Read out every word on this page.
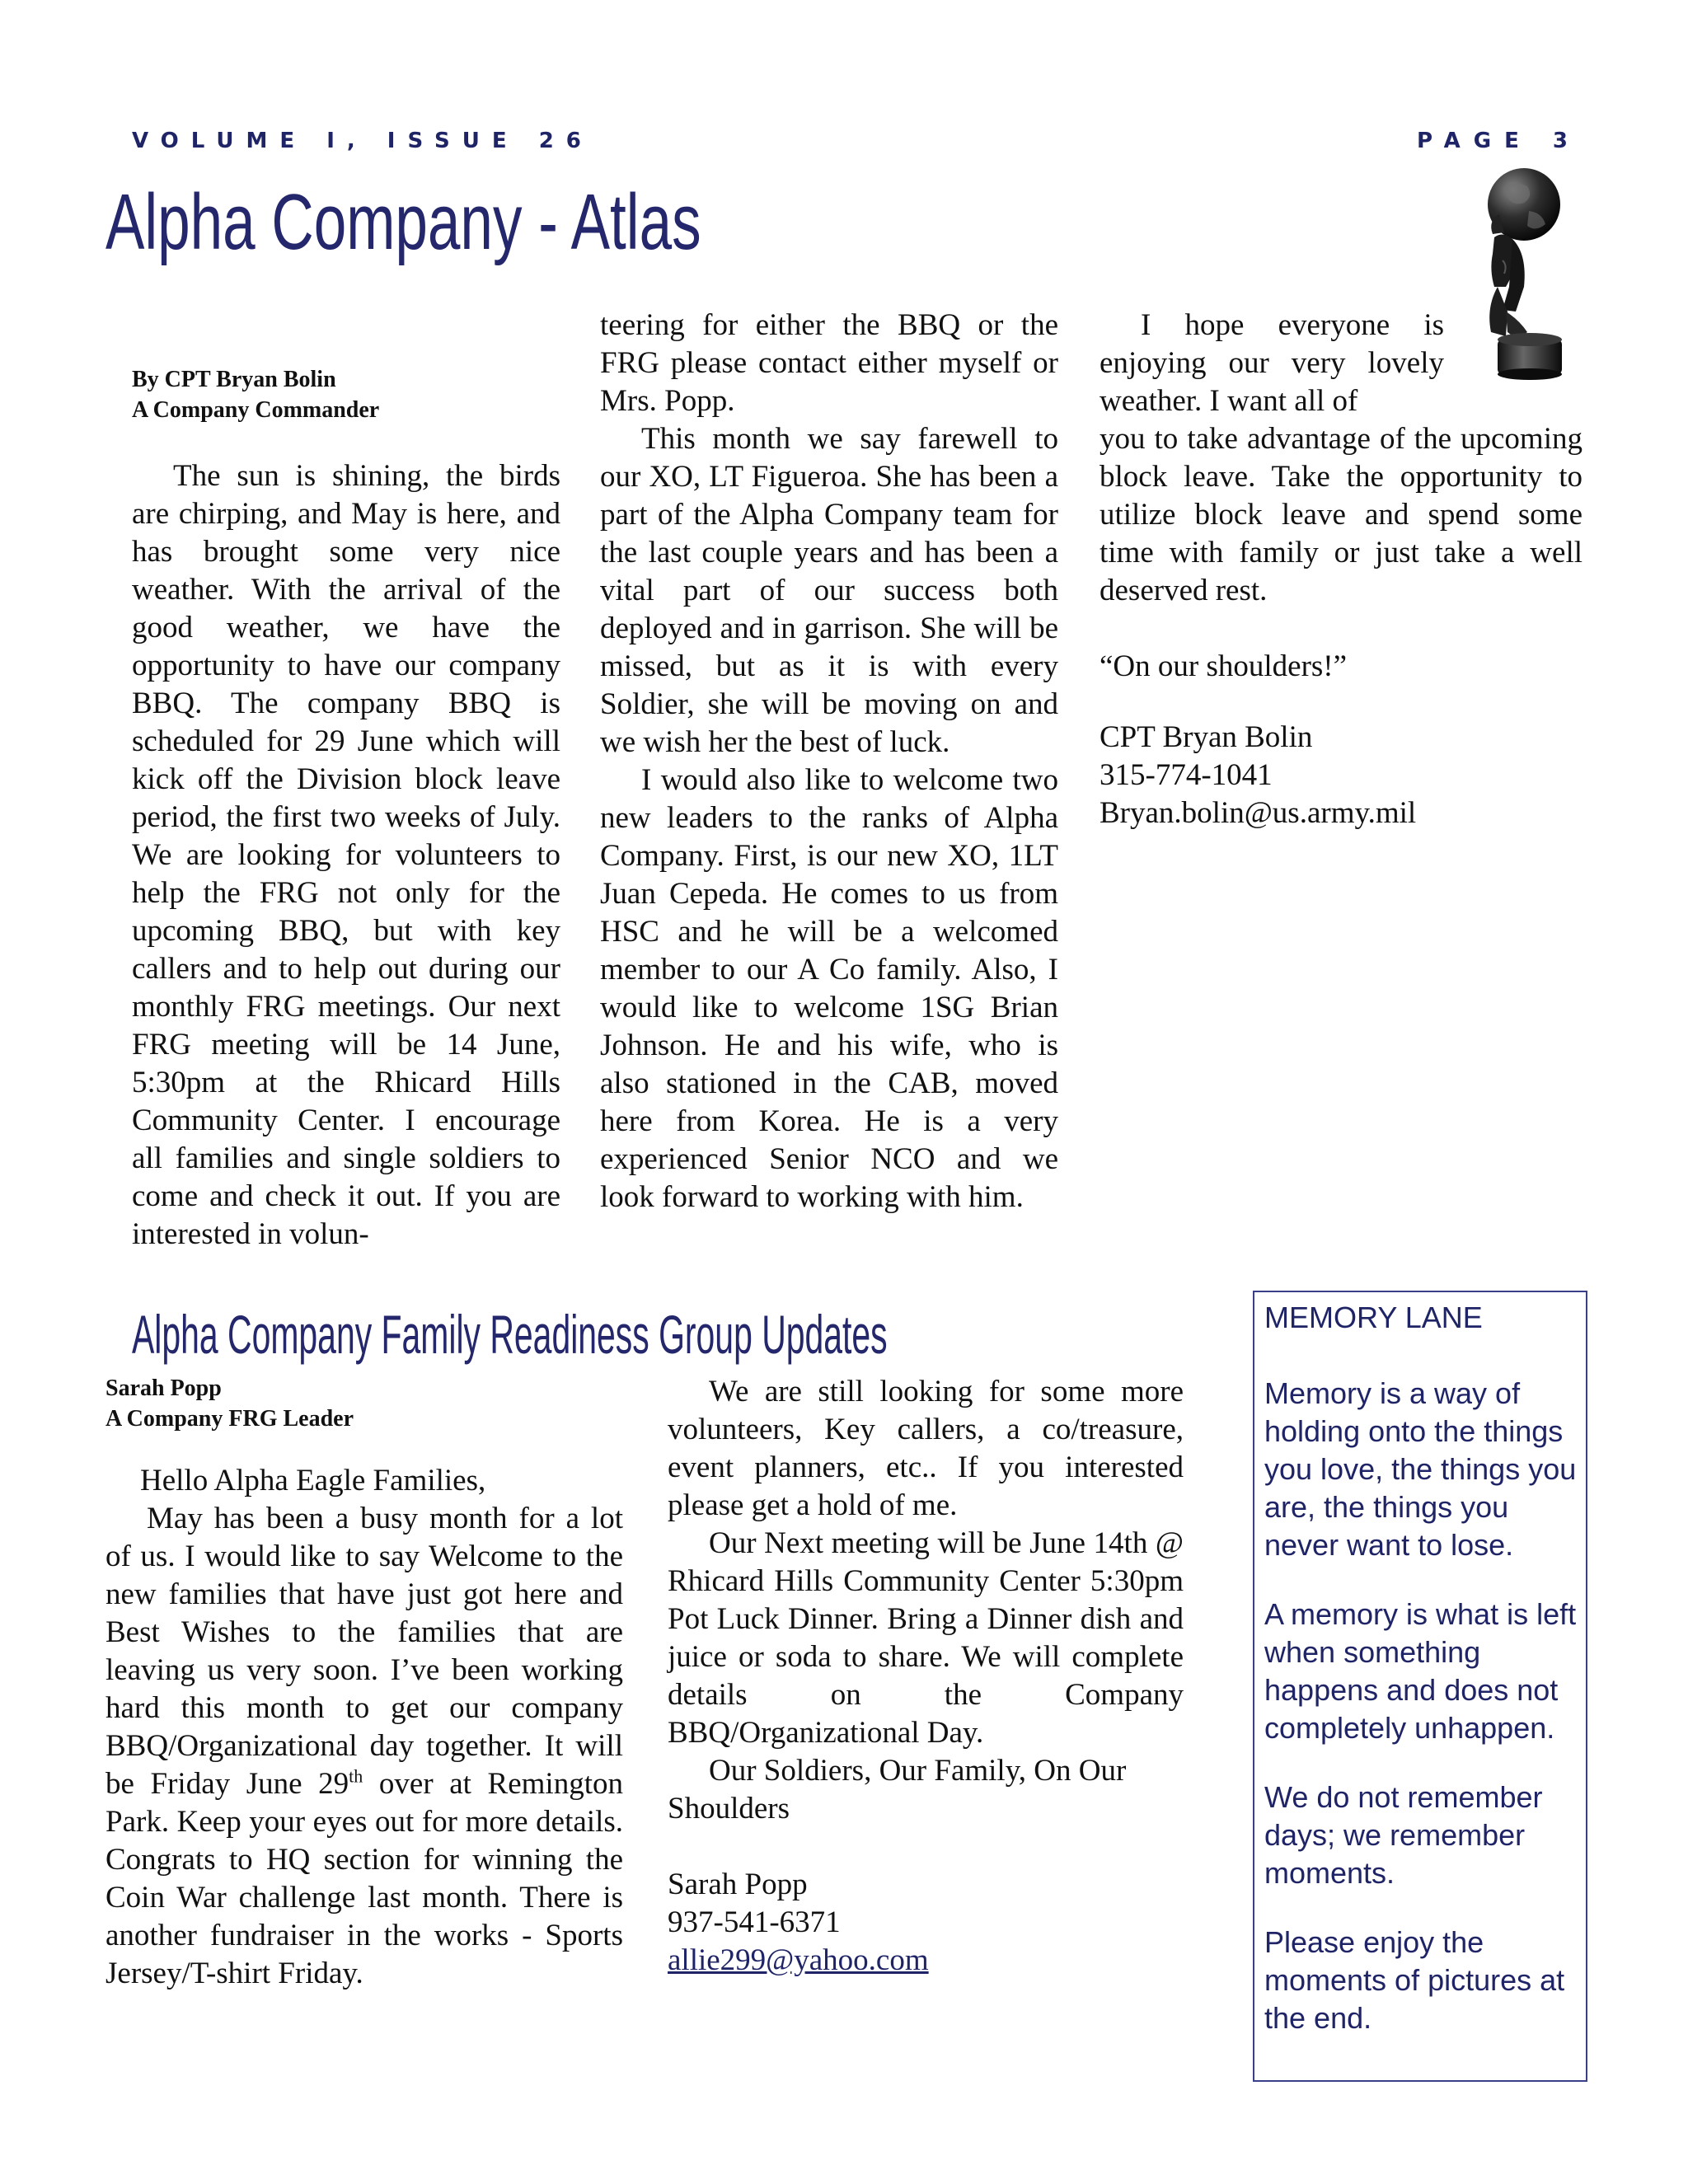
VOLUME I, ISSUE 26	PAGE 3
Alpha Company - Atlas
By CPT Bryan Bolin
A Company Commander

The sun is shining, the birds are chirping, and May is here, and has brought some very nice weather. With the arrival of the good weather, we have the opportunity to have our company BBQ. The company BBQ is scheduled for 29 June which will kick off the Division block leave period, the first two weeks of July. We are looking for volunteers to help the FRG not only for the upcoming BBQ, but with key callers and to help out during our monthly FRG meetings. Our next FRG meeting will be 14 June, 5:30pm at the Rhicard Hills Community Center. I encourage all families and single soldiers to come and check it out. If you are interested in volun-

teering for either the BBQ or the FRG please contact either myself or Mrs. Popp.

This month we say farewell to our XO, LT Figueroa. She has been a part of the Alpha Company team for the last couple years and has been a vital part of our success both deployed and in garrison. She will be missed, but as it is with every Soldier, she will be moving on and we wish her the best of luck.

I would also like to welcome two new leaders to the ranks of Alpha Company. First, is our new XO, 1LT Juan Cepeda. He comes to us from HSC and he will be a welcomed member to our A Co family. Also, I would like to welcome 1SG Brian Johnson. He and his wife, who is also stationed in the CAB, moved here from Korea. He is a very experienced Senior NCO and we look forward to working with him.

I hope everyone is enjoying our very lovely weather. I want all of

you to take advantage of the upcoming block leave. Take the opportunity to utilize block leave and spend some time with family or just take a well deserved rest.

“On our shoulders!”

CPT Bryan Bolin

315-774-1041

Bryan.bolin@us.army.mil

Alpha Company Family Readiness Group Updates
Sarah Popp
A Company FRG Leader

Hello Alpha Eagle Families,

May has been a busy month for a lot of us. I would like to say Welcome to the new families that have just got here and Best Wishes to the families that are leaving us very soon. I’ve been working hard this month to get our company BBQ/Organizational day together. It will be Friday June 29th over at Remington Park. Keep your eyes out for more details. Congrats to HQ section for winning the Coin War challenge last month. There is another fundraiser in the works - Sports Jersey/T-shirt Friday.

We are still looking for some more volunteers, Key callers, a co/treasure, event planners, etc.. If you interested please get a hold of me.

Our Next meeting will be June 14th @ Rhicard Hills Community Center 5:30pm Pot Luck Dinner. Bring a Dinner dish and juice or soda to share. We will complete details on the Company BBQ/Organizational Day.

Our Soldiers, Our Family, On Our Shoulders

Sarah Popp

937-541-6371

allie299@yahoo.com

MEMORY LANE

Memory is a way of holding onto the things you love, the things you are, the things you never want to lose.

A memory is what is left when something happens and does not completely unhappen.

We do not remember days; we remember moments.

Please enjoy the moments of pictures at the end.
